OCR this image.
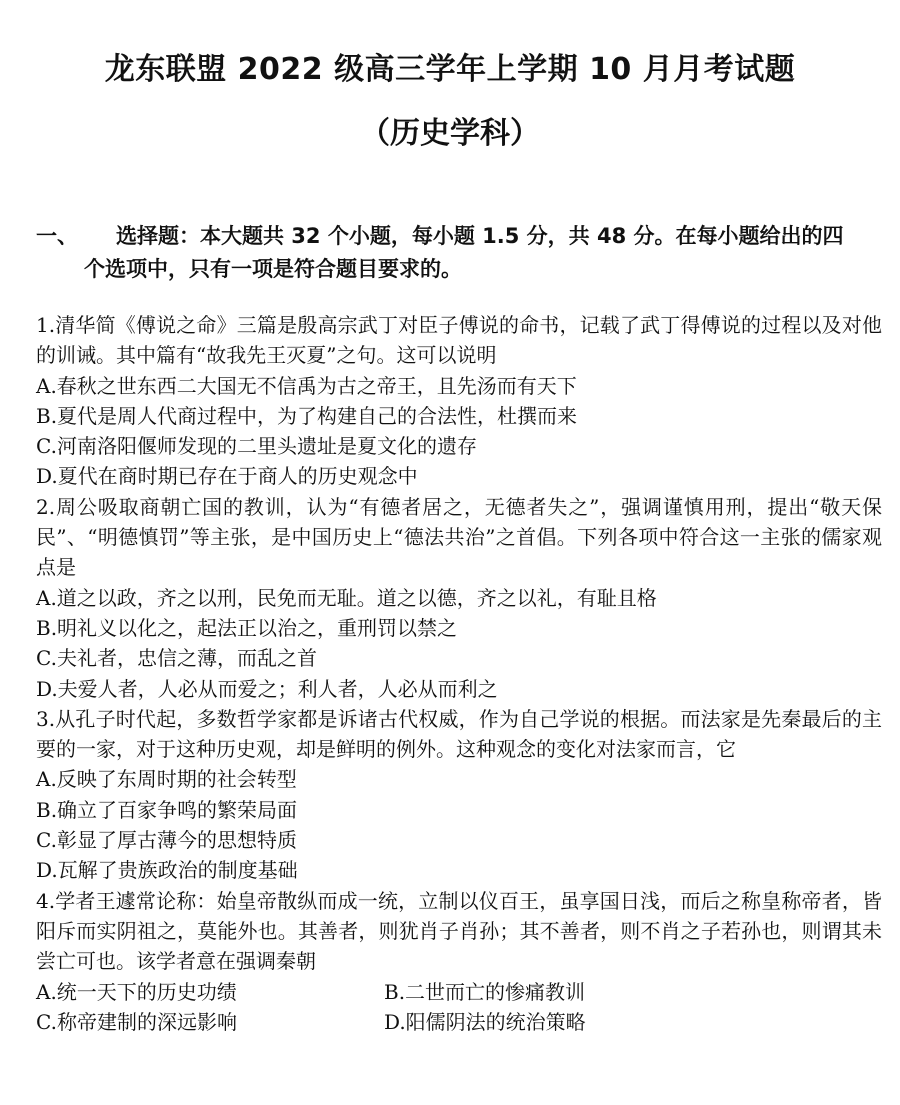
龙东联盟 2022 级高三学年上学期 10 月月考试题
（历史学科）
一、 选择题：本大题共 32 个小题，每小题 1.5 分，共 48 分。在每小题给出的四
个选项中，只有一项是符合题目要求的。
1.清华简《傅说之命》三篇是殷高宗武丁对臣子傅说的命书，记载了武丁得傅说的过程以及对他的训诫。其中篇有“故我先王灭夏”之句。这可以说明
A.春秋之世东西二大国无不信禹为古之帝王，且先汤而有天下
B.夏代是周人代商过程中，为了构建自己的合法性，杜撰而来
C.河南洛阳偃师发现的二里头遗址是夏文化的遗存
D.夏代在商时期已存在于商人的历史观念中
2.周公吸取商朝亡国的教训，认为“有德者居之，无德者失之”，强调谨慎用刑，提出“敬天保民”、“明德慎罚”等主张，是中国历史上“德法共治”之首倡。下列各项中符合这一主张的儒家观点是
A.道之以政，齐之以刑，民免而无耻。道之以德，齐之以礼，有耻且格
B.明礼义以化之，起法正以治之，重刑罚以禁之
C.夫礼者，忠信之薄，而乱之首
D.夫爱人者，人必从而爱之；利人者，人必从而利之
3.从孔子时代起，多数哲学家都是诉诸古代权威，作为自己学说的根据。而法家是先秦最后的主要的一家，对于这种历史观，却是鲜明的例外。这种观念的变化对法家而言，它
A.反映了东周时期的社会转型
B.确立了百家争鸣的繁荣局面
C.彰显了厚古薄今的思想特质
D.瓦解了贵族政治的制度基础
4.学者王遽常论称：始皇帝散纵而成一统，立制以仪百王，虽享国日浅，而后之称皇称帝者，皆阳斥而实阴祖之，莫能外也。其善者，则犹肖子肖孙；其不善者，则不肖之子若孙也，则谓其未尝亡可也。该学者意在强调秦朝
A.统一天下的历史功绩	B.二世而亡的惨痛教训
C.称帝建制的深远影响	D.阳儒阴法的统治策略
